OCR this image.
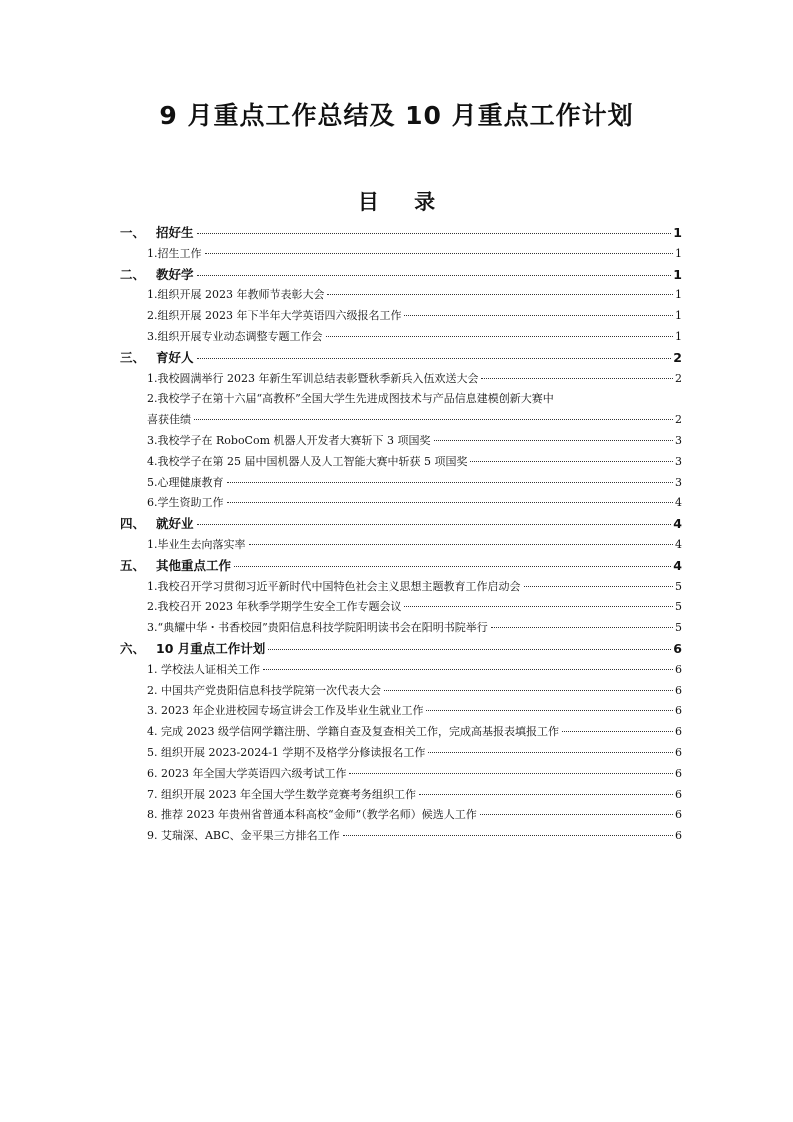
9 月重点工作总结及 10 月重点工作计划
目 录
一、 招好生	1
1.招生工作	1
二、 教好学	1
1.组织开展 2023 年教师节表彰大会	1
2.组织开展 2023 年下半年大学英语四六级报名工作	1
3.组织开展专业动态调整专题工作会	1
三、 育好人	2
1.我校圆满举行 2023 年新生军训总结表彰暨秋季新兵入伍欢送大会	2
2.我校学子在第十六届“高教杯”全国大学生先进成图技术与产品信息建模创新大赛中
喜获佳绩	2
3.我校学子在 RoboCom 机器人开发者大赛斩下 3 项国奖	3
4.我校学子在第 25 届中国机器人及人工智能大赛中斩获 5 项国奖	3
5.心理健康教育	3
6.学生资助工作	4
四、 就好业	4
1.毕业生去向落实率	4
五、 其他重点工作	4
1.我校召开学习贯彻习近平新时代中国特色社会主义思想主题教育工作启动会	5
2.我校召开 2023 年秋季学期学生安全工作专题会议	5
3.“典耀中华・书香校园”贵阳信息科技学院阳明读书会在阳明书院举行	5
六、 10 月重点工作计划	6
1. 学校法人证相关工作	6
2. 中国共产党贵阳信息科技学院第一次代表大会	6
3. 2023 年企业进校园专场宣讲会工作及毕业生就业工作	6
4. 完成 2023 级学信网学籍注册、学籍自查及复查相关工作，完成高基报表填报工作	6
5. 组织开展 2023-2024-1 学期不及格学分修读报名工作	6
6. 2023 年全国大学英语四六级考试工作	6
7. 组织开展 2023 年全国大学生数学竞赛考务组织工作	6
8. 推荐 2023 年贵州省普通本科高校“金师”（教学名师）候选人工作	6
9. 艾瑞深、ABC、金平果三方排名工作	6
